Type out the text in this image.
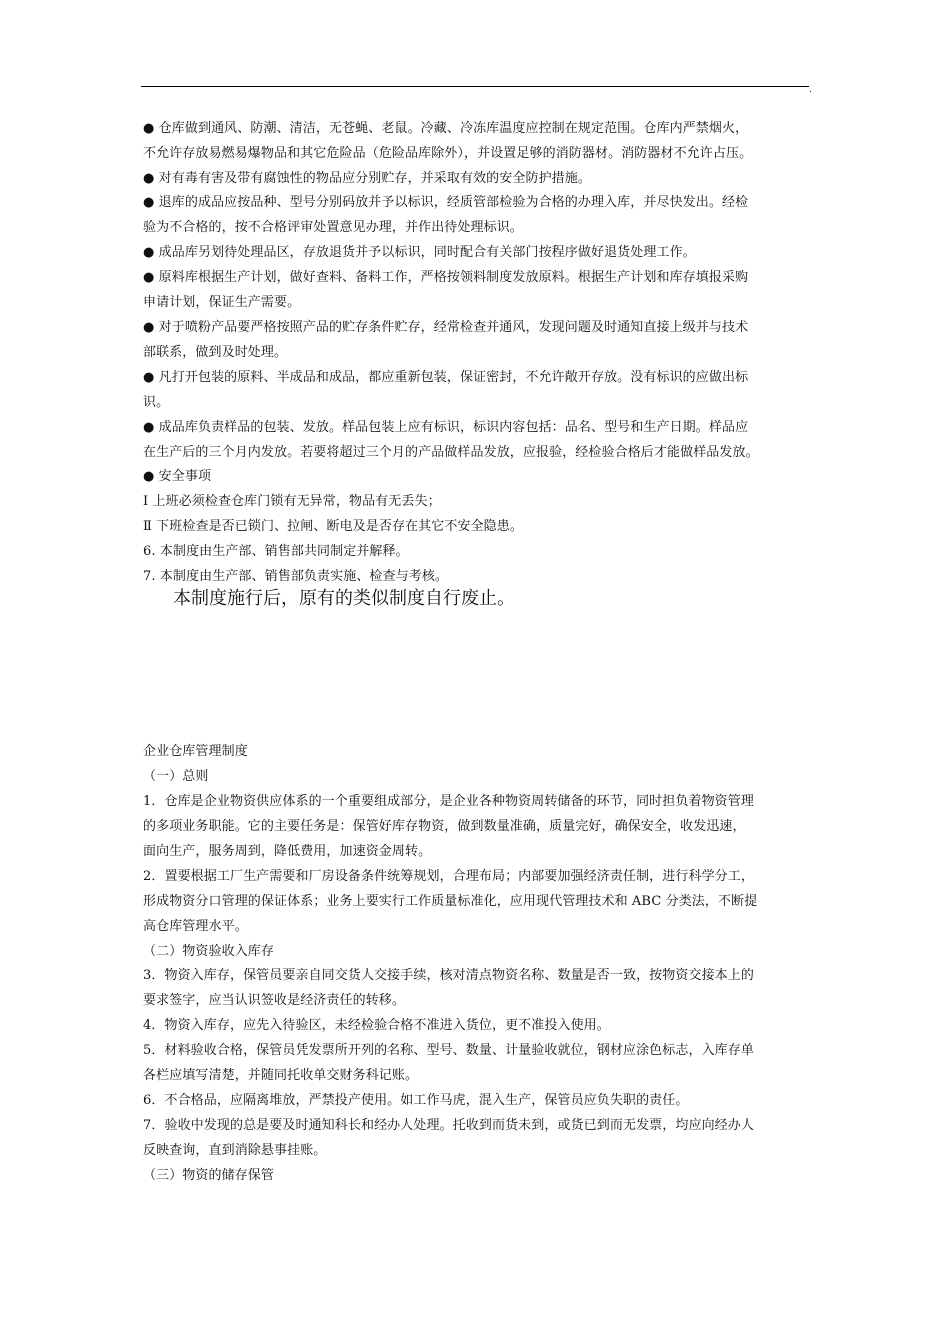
.
● 仓库做到通风、防潮、清洁，无苍蝇、老鼠。冷藏、冷冻库温度应控制在规定范围。仓库内严禁烟火，
不允许存放易燃易爆物品和其它危险品（危险品库除外），并设置足够的消防器材。消防器材不允许占压。
● 对有毒有害及带有腐蚀性的物品应分别贮存，并采取有效的安全防护措施。
● 退库的成品应按品种、型号分别码放并予以标识，经质管部检验为合格的办理入库，并尽快发出。经检
验为不合格的，按不合格评审处置意见办理，并作出待处理标识。
● 成品库另划待处理品区，存放退货并予以标识，同时配合有关部门按程序做好退货处理工作。
● 原料库根据生产计划，做好查料、备料工作，严格按领料制度发放原料。根据生产计划和库存填报采购
申请计划，保证生产需要。
● 对于喷粉产品要严格按照产品的贮存条件贮存，经常检查并通风，发现问题及时通知直接上级并与技术
部联系，做到及时处理。
● 凡打开包装的原料、半成品和成品，都应重新包装，保证密封，不允许敞开存放。没有标识的应做出标
识。
● 成品库负责样品的包装、发放。样品包装上应有标识，标识内容包括：品名、型号和生产日期。样品应
在生产后的三个月内发放。若要将超过三个月的产品做样品发放，应报验，经检验合格后才能做样品发放。
● 安全事项
Ⅰ 上班必须检查仓库门锁有无异常，物品有无丢失；
Ⅱ 下班检查是否已锁门、拉闸、断电及是否存在其它不安全隐患。
6. 本制度由生产部、销售部共同制定并解释。
7. 本制度由生产部、销售部负责实施、检查与考核。
本制度施行后，原有的类似制度自行废止。
企业仓库管理制度
（一）总则
1．仓库是企业物资供应体系的一个重要组成部分，是企业各种物资周转储备的环节，同时担负着物资管理
的多项业务职能。它的主要任务是：保管好库存物资，做到数量准确，质量完好，确保安全，收发迅速，
面向生产，服务周到，降低费用，加速资金周转。
2．置要根据工厂生产需要和厂房设备条件统筹规划，合理布局；内部要加强经济责任制，进行科学分工，
形成物资分口管理的保证体系；业务上要实行工作质量标准化，应用现代管理技术和 ABC 分类法，不断提
高仓库管理水平。
（二）物资验收入库存
3．物资入库存，保管员要亲自同交货人交接手续，核对清点物资名称、数量是否一致，按物资交接本上的
要求签字，应当认识签收是经济责任的转移。
4．物资入库存，应先入待验区，未经检验合格不准进入货位，更不准投入使用。
5．材料验收合格，保管员凭发票所开列的名称、型号、数量、计量验收就位，钢材应涂色标志，入库存单
各栏应填写清楚，并随同托收单交财务科记账。
6．不合格品，应隔离堆放，严禁投产使用。如工作马虎，混入生产，保管员应负失职的责任。
7．验收中发现的总是要及时通知科长和经办人处理。托收到而货未到，或货已到而无发票，均应向经办人
反映查询，直到消除悬事挂账。
（三）物资的储存保管
